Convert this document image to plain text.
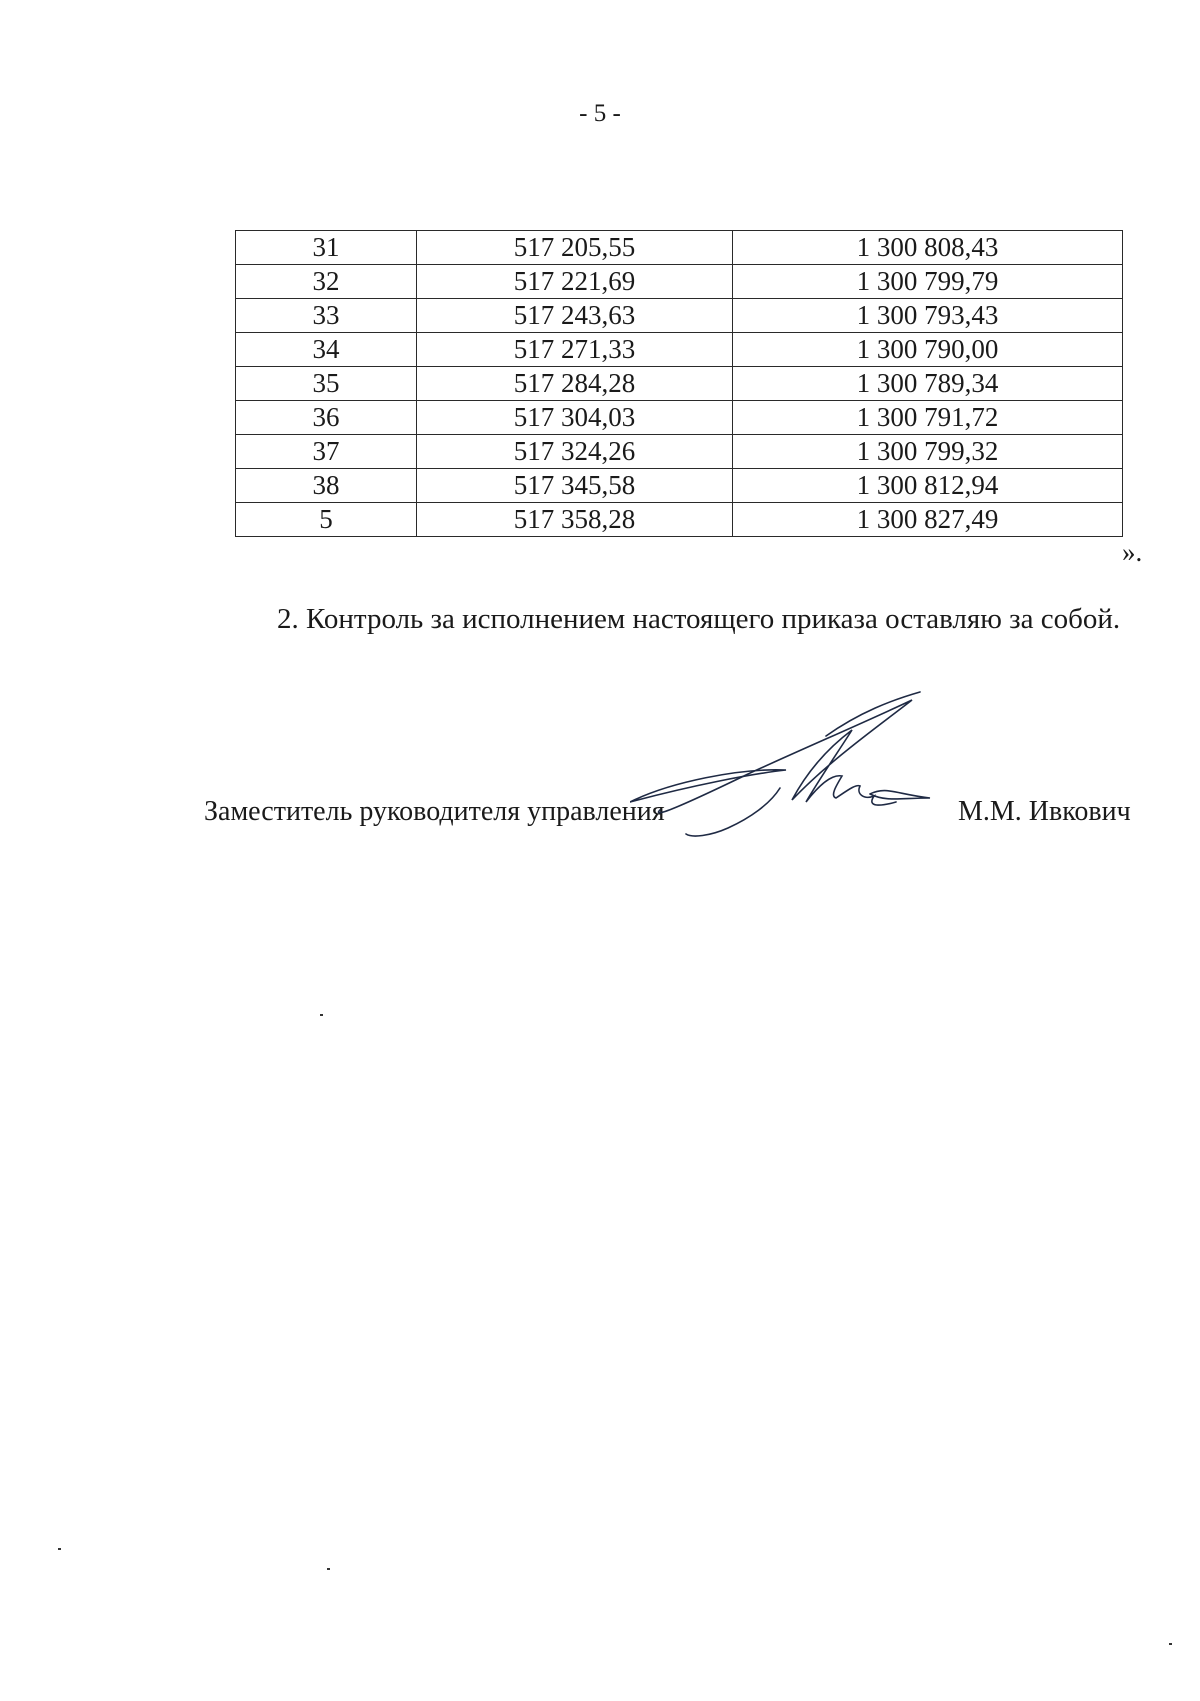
- 5 -
31	517 205,55	1 300 808,43
32	517 221,69	1 300 799,79
33	517 243,63	1 300 793,43
34	517 271,33	1 300 790,00
35	517 284,28	1 300 789,34
36	517 304,03	1 300 791,72
37	517 324,26	1 300 799,32
38	517 345,58	1 300 812,94
5	517 358,28	1 300 827,49
».
2. Контроль за исполнением настоящего приказа оставляю за собой.
Заместитель руководителя управления	М.М. Ивкович
